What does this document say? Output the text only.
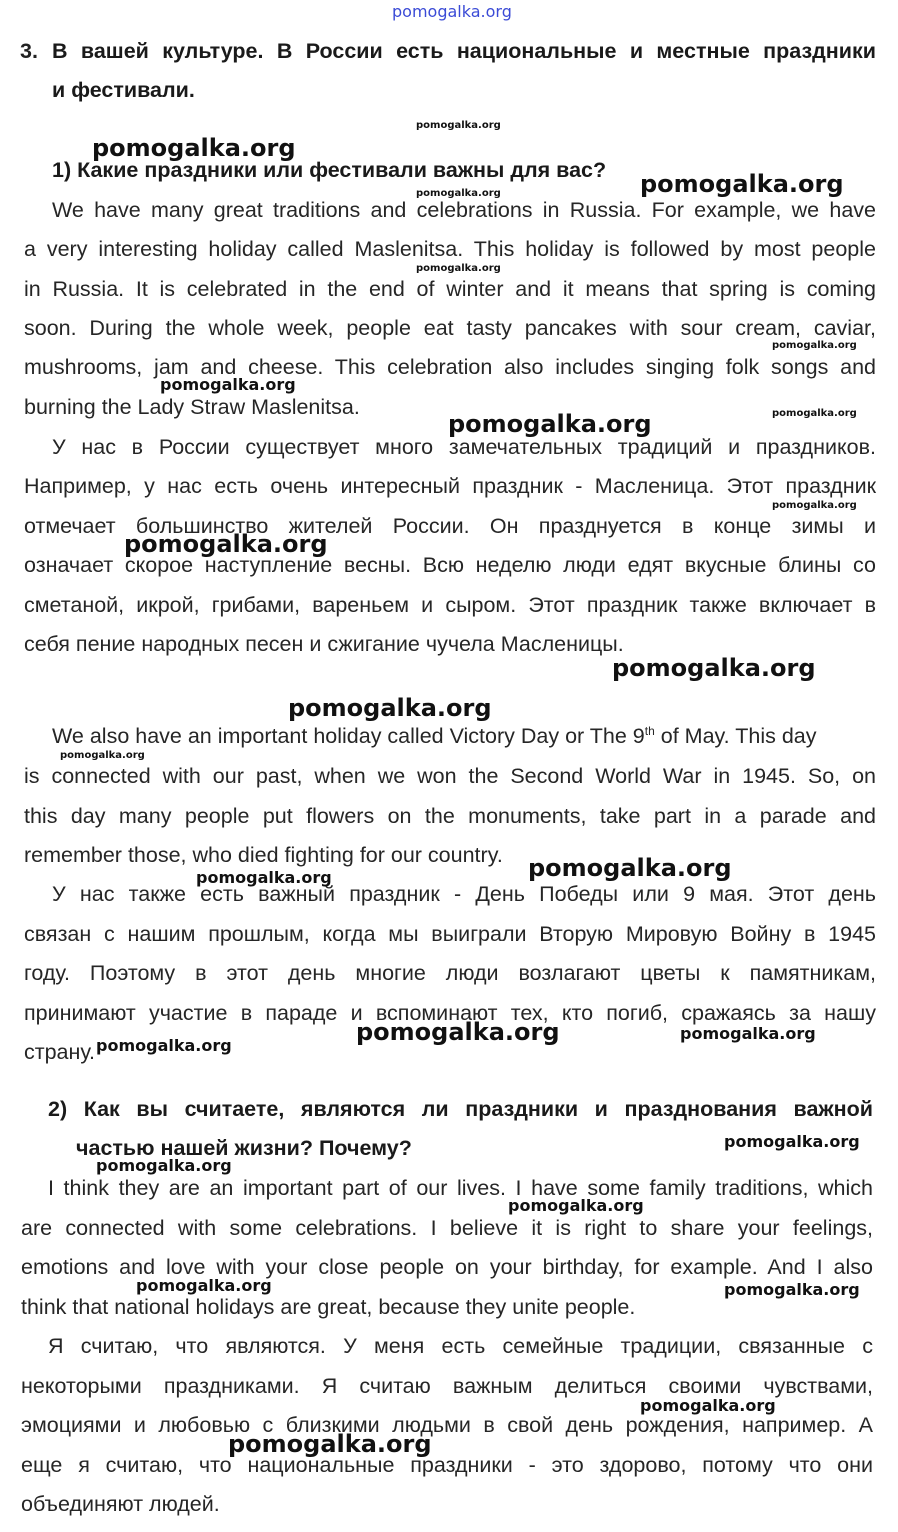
pomogalka.org
3. В вашей культуре. В России есть национальные и местные праздники
и фестивали.
1) Какие праздники или фестивали важны для вас?
We have many great traditions and celebrations in Russia. For example, we have
a very interesting holiday called Maslenitsa. This holiday is followed by most people
in Russia. It is celebrated in the end of winter and it means that spring is coming
soon. During the whole week, people eat tasty pancakes with sour cream, caviar,
mushrooms, jam and cheese. This celebration also includes singing folk songs and
burning the Lady Straw Maslenitsa.
У нас в России существует много замечательных традиций и праздников.
Например, у нас есть очень интересный праздник - Масленица. Этот праздник
отмечает большинство жителей России. Он празднуется в конце зимы и
означает скорое наступление весны. Всю неделю люди едят вкусные блины со
сметаной, икрой, грибами, вареньем и сыром. Этот праздник также включает в
себя пение народных песен и сжигание чучела Масленицы.
We also have an important holiday called Victory Day or The 9th of May. This day
is connected with our past, when we won the Second World War in 1945. So, on
this day many people put flowers on the monuments, take part in a parade and
remember those, who died fighting for our country.
У нас также есть важный праздник - День Победы или 9 мая. Этот день
связан с нашим прошлым, когда мы выиграли Вторую Мировую Войну в 1945
году. Поэтому в этот день многие люди возлагают цветы к памятникам,
принимают участие в параде и вспоминают тех, кто погиб, сражаясь за нашу
страну.
2) Как вы считаете, являются ли праздники и празднования важной
частью нашей жизни? Почему?
I think they are an important part of our lives. I have some family traditions, which
are connected with some celebrations. I believe it is right to share your feelings,
emotions and love with your close people on your birthday, for example. And I also
think that national holidays are great, because they unite people.
Я считаю, что являются. У меня есть семейные традиции, связанные с
некоторыми праздниками. Я считаю важным делиться своими чувствами,
эмоциями и любовью с близкими людьми в свой день рождения, например. А
еще я считаю, что национальные праздники - это здорово, потому что они
объединяют людей.
pomogalka.org
pomogalka.org
pomogalka.org
pomogalka.org
pomogalka.org
pomogalka.org
pomogalka.org
pomogalka.org
pomogalka.org
pomogalka.org
pomogalka.org
pomogalka.org
pomogalka.org
pomogalka.org
pomogalka.org
pomogalka.org
pomogalka.org	pomogalka.org
pomogalka.org
pomogalka.org
pomogalka.org
pomogalka.org
pomogalka.org	pomogalka.org
pomogalka.org
pomogalka.org
